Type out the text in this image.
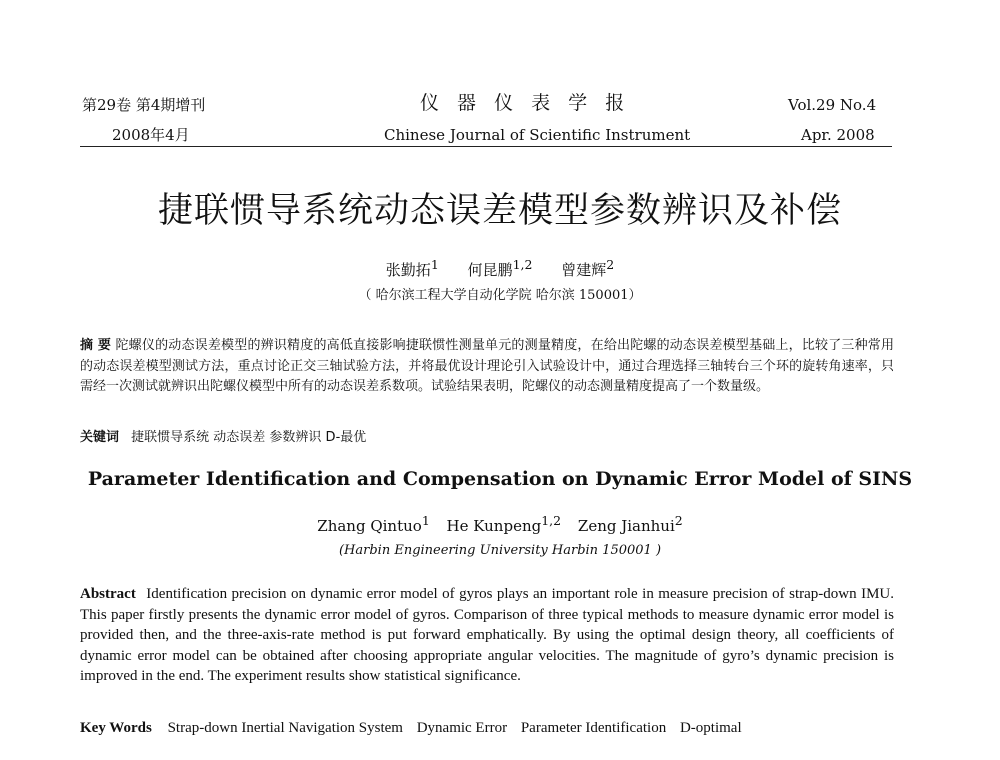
第29卷 第4期增刊
2008年4月
仪 器 仪 表 学 报
Chinese Journal of Scientific Instrument
Vol.29 No.4
Apr. 2008
捷联惯导系统动态误差模型参数辨识及补偿
张勤拓$^1$ 何昆鹏$^{1,2}$ 曾建辉$^2$
（ 哈尔滨工程大学自动化学院 哈尔滨 150001）
摘 要 陀螺仪的动态误差模型的辨识精度的高低直接影响捷联惯性测量单元的测量精度，在给出陀螺的动态误差模型基础上，比较了三种常用的动态误差模型测试方法，重点讨论正交三轴试验方法，并将最优设计理论引入试验设计中，通过合理选择三轴转台三个环的旋转角速率，只需经一次测试就辨识出陀螺仪模型中所有的动态误差系数项。试验结果表明，陀螺仪的动态测量精度提高了一个数量级。
关键词 捷联惯导系统 动态误差 参数辨识 D-最优
Parameter Identification and Compensation on Dynamic Error Model of SINS
Zhang Qintuo$^1$ He Kunpeng$^{1,2}$ Zeng Jianhui$^2$
(Harbin Engineering University Harbin 150001 )
Abstract Identification precision on dynamic error model of gyros plays an important role in measure precision of strap-down IMU. This paper firstly presents the dynamic error model of gyros. Comparison of three typical methods to measure dynamic error model is provided then, and the three-axis-rate method is put forward emphatically. By using the optimal design theory, all coefficients of dynamic error model can be obtained after choosing appropriate angular velocities. The magnitude of gyro’s dynamic precision is improved in the end. The experiment results show statistical significance.
Key Words Strap-down Inertial Navigation System Dynamic Error Parameter Identification D-optimal
